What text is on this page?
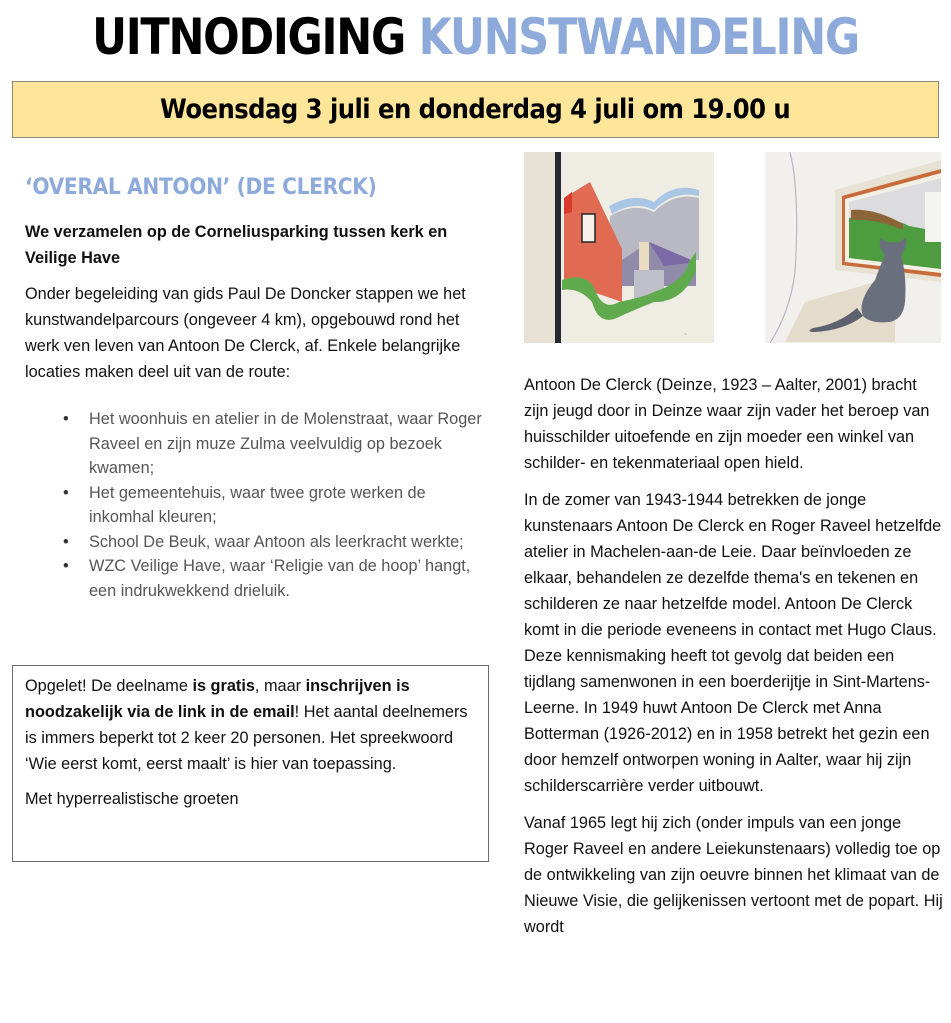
UITNODIGING KUNSTWANDELING
Woensdag 3 juli en donderdag 4 juli om 19.00 u
‘OVERAL ANTOON’ (DE CLERCK)

We verzamelen op de Corneliusparking tussen kerk en Veilige Have

Onder begeleiding van gids Paul De Doncker stappen we het kunstwandelparcours (ongeveer 4 km), opgebouwd rond het werk ven leven van Antoon De Clerck, af. Enkele belangrijke locaties maken deel uit van de route:

• Het woonhuis en atelier in de Molenstraat, waar Roger Raveel en zijn muze Zulma veelvuldig op bezoek kwamen;
• Het gemeentehuis, waar twee grote werken de inkomhal kleuren;
• School De Beuk, waar Antoon als leerkracht werkte;
• WZC Veilige Have, waar ‘Religie van de hoop’ hangt, een indrukwekkend drieluik.

Opgelet! De deelname is gratis, maar inschrijven is noodzakelijk via de link in de email! Het aantal deelnemers is immers beperkt tot 2 keer 20 personen. Het spreekwoord ‘Wie eerst komt, eerst maalt’ is hier van toepassing.

Met hyperrealistische groeten

~

Antoon De Clerck (Deinze, 1923 – Aalter, 2001) bracht zijn jeugd door in Deinze waar zijn vader het beroep van huisschilder uitoefende en zijn moeder een winkel van schilder- en tekenmateriaal open hield.

In de zomer van 1943-1944 betrekken de jonge kunstenaars Antoon De Clerck en Roger Raveel hetzelfde atelier in Machelen-aan-de Leie. Daar beïnvloeden ze elkaar, behandelen ze dezelfde thema's en tekenen en schilderen ze naar hetzelfde model. Antoon De Clerck komt in die periode eveneens in contact met Hugo Claus. Deze kennismaking heeft tot gevolg dat beiden een tijdlang samenwonen in een boerderijtje in Sint-Martens-Leerne. In 1949 huwt Antoon De Clerck met Anna Botterman (1926-2012) en in 1958 betrekt het gezin een door hemzelf ontworpen woning in Aalter, waar hij zijn schilderscarrière verder uitbouwt.

Vanaf 1965 legt hij zich (onder impuls van een jonge Roger Raveel en andere Leiekunstenaars) volledig toe op de ontwikkeling van zijn oeuvre binnen het klimaat van de Nieuwe Visie, die gelijkenissen vertoont met de popart. Hij wordt
